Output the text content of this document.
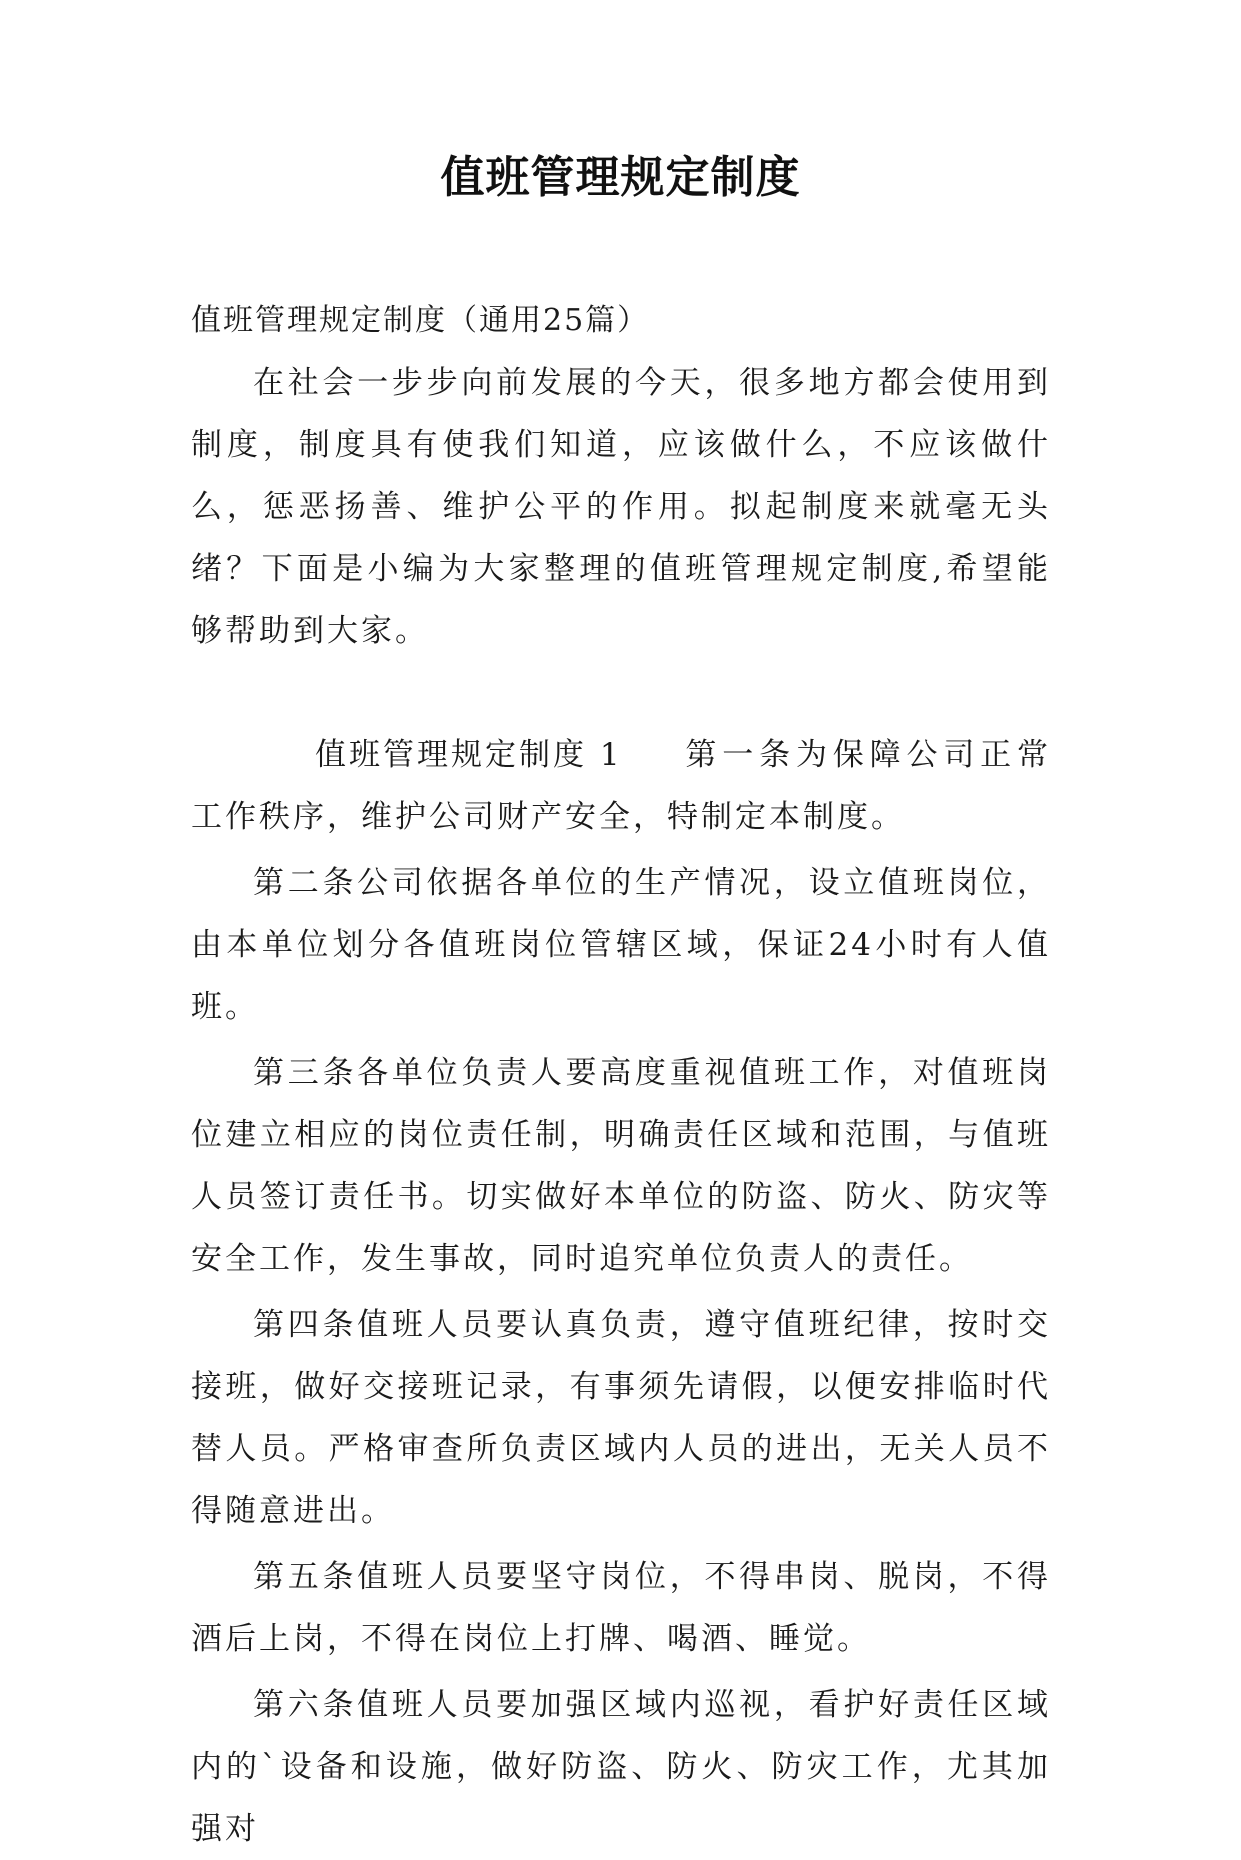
值班管理规定制度

值班管理规定制度（通用25篇）

在社会一步步向前发展的今天，很多地方都会使用到制度，制度具有使我们知道，应该做什么，不应该做什么，惩恶扬善、维护公平的作用。拟起制度来就毫无头绪？下面是小编为大家整理的值班管理规定制度,希望能够帮助到大家。

值班管理规定制度 1 第一条为保障公司正常工作秩序，维护公司财产安全，特制定本制度。

第二条公司依据各单位的生产情况，设立值班岗位，由本单位划分各值班岗位管辖区域，保证24小时有人值班。

第三条各单位负责人要高度重视值班工作，对值班岗位建立相应的岗位责任制，明确责任区域和范围，与值班人员签订责任书。切实做好本单位的防盗、防火、防灾等安全工作，发生事故，同时追究单位负责人的责任。

第四条值班人员要认真负责，遵守值班纪律，按时交接班，做好交接班记录，有事须先请假，以便安排临时代替人员。严格审查所负责区域内人员的进出，无关人员不得随意进出。

第五条值班人员要坚守岗位，不得串岗、脱岗，不得酒后上岗，不得在岗位上打牌、喝酒、睡觉。

第六条值班人员要加强区域内巡视，看护好责任区域内的`设备和设施，做好防盗、防火、防灾工作，尤其加强对
